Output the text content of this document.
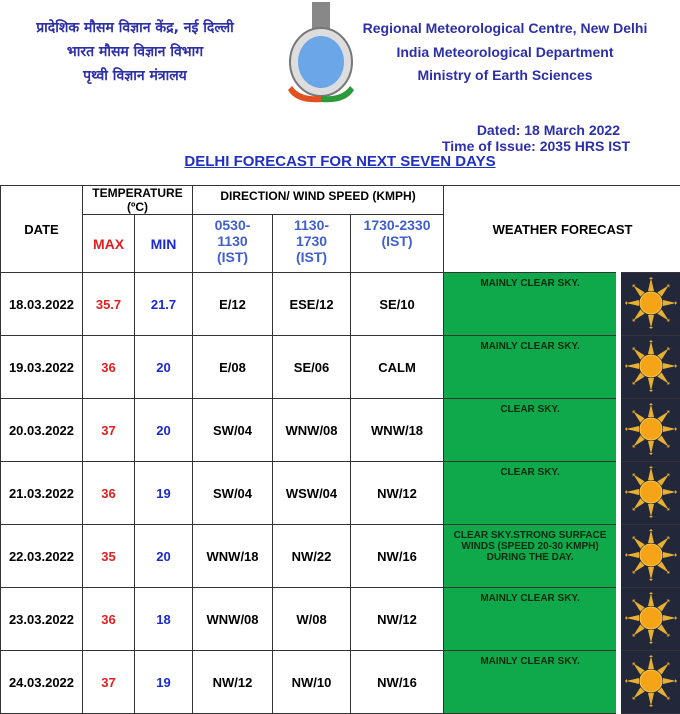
प्रादेशिक मौसम विज्ञान केंद्र, नई दिल्ली
भारत मौसम विज्ञान विभाग
पृथ्वी विज्ञान मंत्रालय
Regional Meteorological Centre, New Delhi
India Meteorological Department
Ministry of Earth Sciences
Dated: 18 March 2022
Time of Issue: 2035 HRS IST
DELHI FORECAST FOR NEXT SEVEN DAYS
DATE	TEMPERATURE (ºC)		DIRECTION/ WIND SPEED (KMPH)			WEATHER FORECAST	
	MAX	MIN	0530- 1130 (IST)	1130- 1730 (IST)	1730-2330 (IST)		
18.03.2022	35.7	21.7	E/12	ESE/12	SE/10	MAINLY CLEAR SKY.	
19.03.2022	36	20	E/08	SE/06	CALM	MAINLY CLEAR SKY.	
20.03.2022	37	20	SW/04	WNW/08	WNW/18	CLEAR SKY.	
21.03.2022	36	19	SW/04	WSW/04	NW/12	CLEAR SKY.	
22.03.2022	35	20	WNW/18	NW/22	NW/16	CLEAR SKY.STRONG SURFACE WINDS (SPEED 20-30 KMPH) DURING THE DAY.	
23.03.2022	36	18	WNW/08	W/08	NW/12	MAINLY CLEAR SKY.	
24.03.2022	37	19	NW/12	NW/10	NW/16	MAINLY CLEAR SKY.	
